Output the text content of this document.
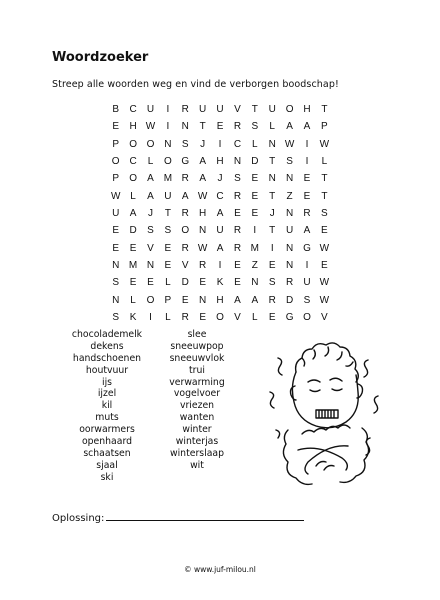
Woordzoeker
Streep alle woorden weg en vind de verborgen boodschap!
B	C	U	I	R	U	U	V	T	U O H	T
E	H W	I	N	T	E	R	S	L	A	A	P
P	O O N	S	J	I	C	L	N W	I	W
O C	L	O G	A	H	N	D	T	S	I	L
P	O	A M R	A	J	S	E	N	N	E	T
W L	A	U	A W C	R	E	T	Z	E	T
U	A	J	T	R	H	A	E	E	J	N	R	S
E	D	S	S	O N	U	R	I	T	U	A	E
E	E	V	E	R W A	R M	I	N G W
N M N	E	V	R	I	E	Z	E	N	I	E
S	E	E	L	D	E	K	E	N	S	R	U W
N	L	O	P	E	N	H	A	A	R	D	S W
S	K	I	L	R	E	O	V	L	E	G O	V
chocolademelk
dekens
handschoenen
houtvuur
ijs
ijzel
kil
muts
oorwarmers
openhaard
schaatsen
sjaal
ski
slee
sneeuwpop
sneeuwvlok
trui
verwarming
vogelvoer
vriezen
wanten
winter
winterjas
winterslaap
wit
Oplossing:
© www.juf-milou.nl
